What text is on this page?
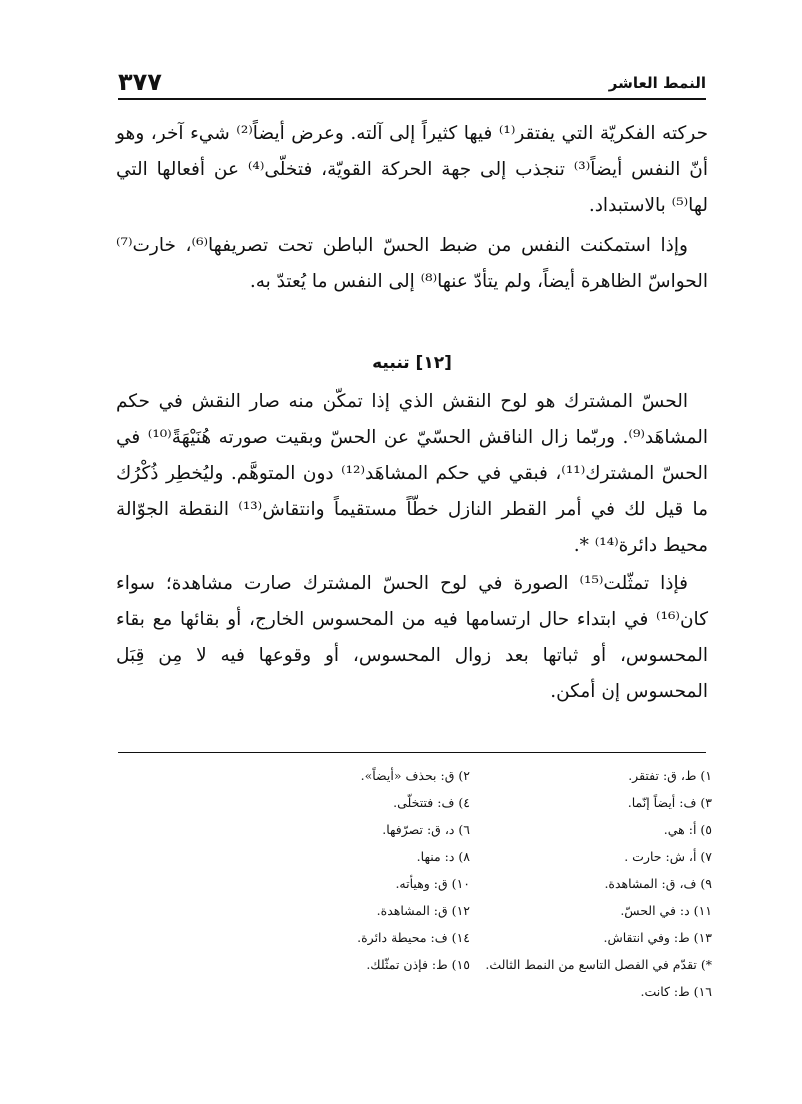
النمط العاشر
٣٧٧

حركته الفكريّة التي يفتقر⁽¹⁾ فيها كثيراً إلى آلته. وعرض أيضاً⁽²⁾ شيء آخر، وهو أنّ النفس أيضاً⁽³⁾ تنجذب إلى جهة الحركة القويّة، فتخلّى⁽⁴⁾ عن أفعالها التي لها⁽⁵⁾ بالاستبداد.

وإذا استمكنت النفس من ضبط الحسّ الباطن تحت تصريفها⁽⁶⁾، خارت⁽⁷⁾ الحواسّ الظاهرة أيضاً، ولم يتأدّ عنها⁽⁸⁾ إلى النفس ما يُعتدّ به.

[١٢] تنبيه

الحسّ المشترك هو لوح النقش الذي إذا تمكّن منه صار النقش في حكم المشاهَد⁽⁹⁾. وربّما زال الناقش الحسّيّ عن الحسّ وبقيت صورته هُنَيْهَةً⁽¹⁰⁾ في الحسّ المشترك⁽¹¹⁾، فبقي في حكم المشاهَد⁽¹²⁾ دون المتوهَّم. وليُخطِر ذُكْرُك ما قيل لك في أمر القطر النازل خطّاً مستقيماً وانتقاش⁽¹³⁾ النقطة الجوّالة محيط دائرة⁽¹⁴⁾ *.

فإذا تمثّلت⁽¹⁵⁾ الصورة في لوح الحسّ المشترك صارت مشاهدة؛ سواء كان⁽¹⁶⁾ في ابتداء حال ارتسامها فيه من المحسوس الخارج، أو بقائها مع بقاء المحسوس، أو ثباتها بعد زوال المحسوس، أو وقوعها فيه لا مِن قِبَل المحسوس إن أمكن.

١) ط، ق: تفتقر.
٢) ق: بحذف «أيضاً».
٣) ف: أيضاً إنّما.
٤) ف: فتتخلّى.
٥) أ: هي.
٦) د، ق: تصرّفها.
٧) أ، ش: حارت .
٨) د: منها.
٩) ف، ق: المشاهدة.
١٠) ق: وهيأته.
١١) د: في الحسّ.
١٢) ق: المشاهدة.
١٣) ط: وفي انتقاش.
١٤) ف: محيطة دائرة.
*) تقدّم في الفصل التاسع من النمط الثالث.
١٥) ط: فإذن تمثّلك.
١٦) ط: كانت.
